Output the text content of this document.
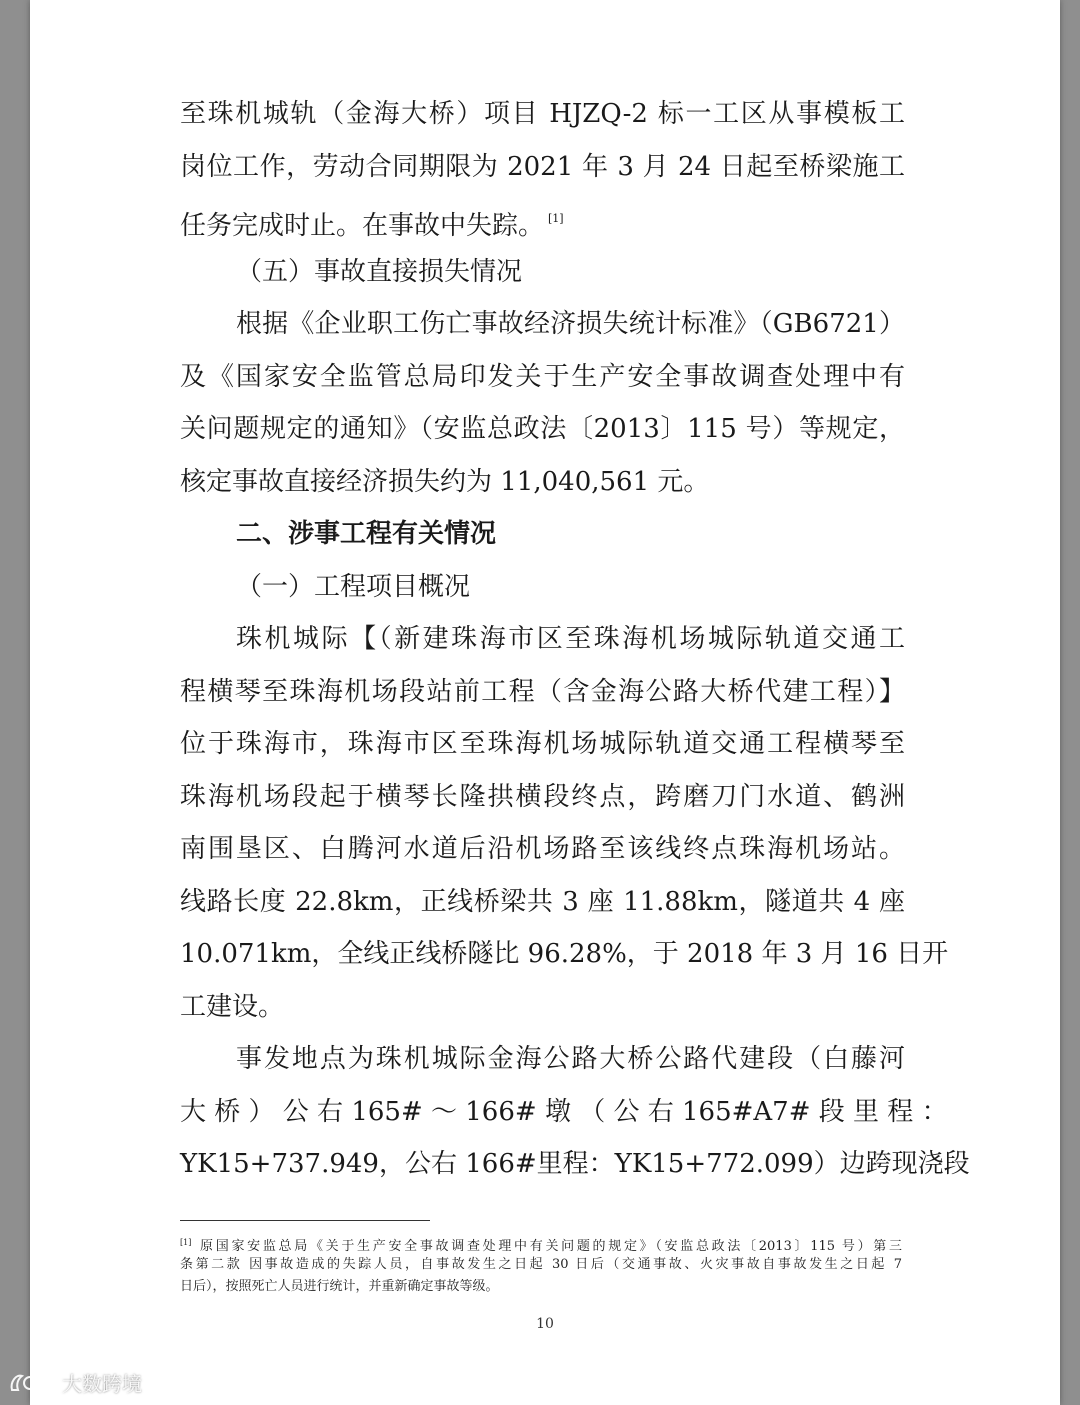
至珠机城轨（金海大桥）项目 HJZQ-2 标一工区从事模板工
岗位工作，劳动合同期限为 2021 年 3 月 24 日起至桥梁施工
任务完成时止。在事故中失踪。 [1]
（五）事故直接损失情况
根据《企业职工伤亡事故经济损失统计标准》（GB6721）
及《国家安全监管总局印发关于生产安全事故调查处理中有
关问题规定的通知》（安监总政法〔2013〕115 号）等规定，
核定事故直接经济损失约为 11,040,561 元。
二、涉事工程有关情况
（一）工程项目概况
珠机城际【（新建珠海市区至珠海机场城际轨道交通工
程横琴至珠海机场段站前工程（含金海公路大桥代建工程）】
位于珠海市，珠海市区至珠海机场城际轨道交通工程横琴至
珠海机场段起于横琴长隆拱横段终点，跨磨刀门水道、鹤洲
南围垦区、白腾河水道后沿机场路至该线终点珠海机场站。
线路长度 22.8km，正线桥梁共 3 座 11.88km，隧道共 4 座
10.071km，全线正线桥隧比 96.28%，于 2018 年 3 月 16 日开
工建设。
事发地点为珠机城际金海公路大桥公路代建段（白藤河
大 桥 ） 公 右 165# ～ 166# 墩 （ 公 右 165#A7# 段 里 程 ：
YK15+737.949，公右 166#里程：YK15+772.099）边跨现浇段
[1] 原国家安监总局《关于生产安全事故调查处理中有关问题的规定》（安监总政法〔2013〕115 号）第三
条第二款 因事故造成的失踪人员，自事故发生之日起 30 日后（交通事故、火灾事故自事故发生之日起 7
日后），按照死亡人员进行统计，并重新确定事故等级。
10
大数跨境
